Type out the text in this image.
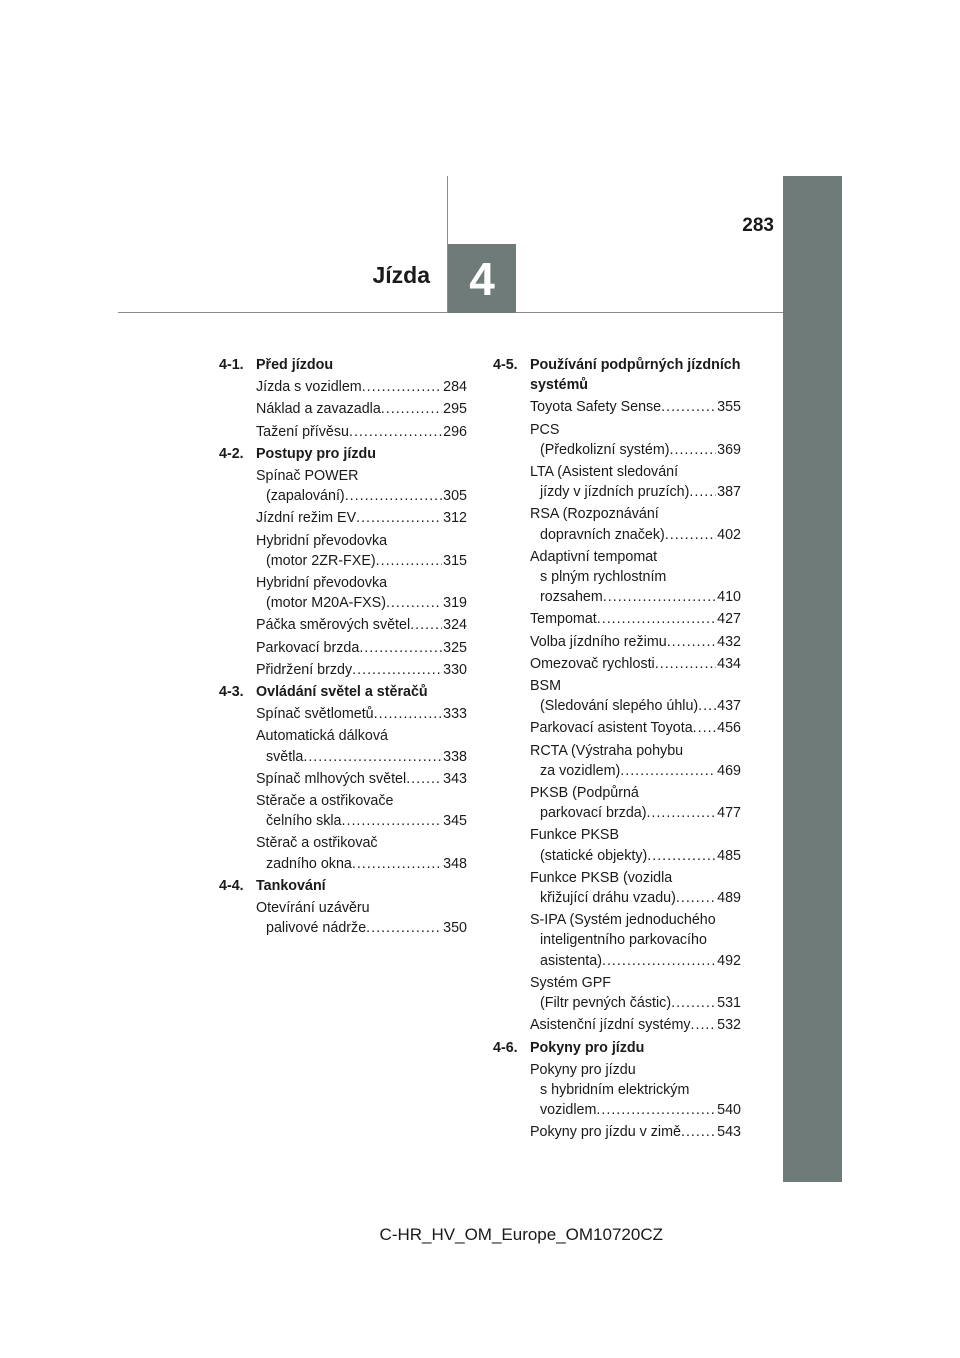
4
Jízda
283
4-1. Před jízdou
Jízda s vozidlem .....	284
Náklad a zavazadla .....	295
Tažení přívěsu .....	296
4-2. Postupy pro jízdu
Spínač POWER
(zapalování) .....	305
Jízdní režim EV .....	312
Hybridní převodovka
(motor 2ZR-FXE) .....	315
Hybridní převodovka
(motor M20A-FXS) .....	319
Páčka směrových světel ..... 324
Parkovací brzda .....	325
Přidržení brzdy .....	330
4-3. Ovládání světel a stěračů
Spínač světlometů .....	333
Automatická dálková
světla .....	338
Spínač mlhových světel .....	343
Stěrače a ostřikovače
čelního skla .....	345
Stěrač a ostřikovač
zadního okna .....	348
4-4. Tankování
Otevírání uzávěru
palivové nádrže .....	350
4-5. Používání podpůrných jízdních systémů
Toyota Safety Sense .....	355
PCS
(Předkolizní systém) .....	369
LTA (Asistent sledování
jízdy v jízdních pruzích) ..... 387
RSA (Rozpoznávání
dopravních značek) .....	402
Adaptivní tempomat
s plným rychlostním
rozsahem .....	410
Tempomat .....	427
Volba jízdního režimu .....	432
Omezovač rychlosti .....	434
BSM
(Sledování slepého úhlu) ..... 437
Parkovací asistent Toyota ..... 456
RCTA (Výstraha pohybu
za vozidlem) .....	469
PKSB (Podpůrná
parkovací brzda) .....	477
Funkce PKSB
(statické objekty) .....	485
Funkce PKSB (vozidla
křižující dráhu vzadu) .....	489
S-IPA (Systém jednoduchého
inteligentního parkovacího
asistenta) .....	492
Systém GPF
(Filtr pevných částic) .....	531
Asistenční jízdní systémy ..... 532
4-6. Pokyny pro jízdu
Pokyny pro jízdu
s hybridním elektrickým
vozidlem .....	540
Pokyny pro jízdu v zimě .....	543
C-HR_HV_OM_Europe_OM10720CZ
